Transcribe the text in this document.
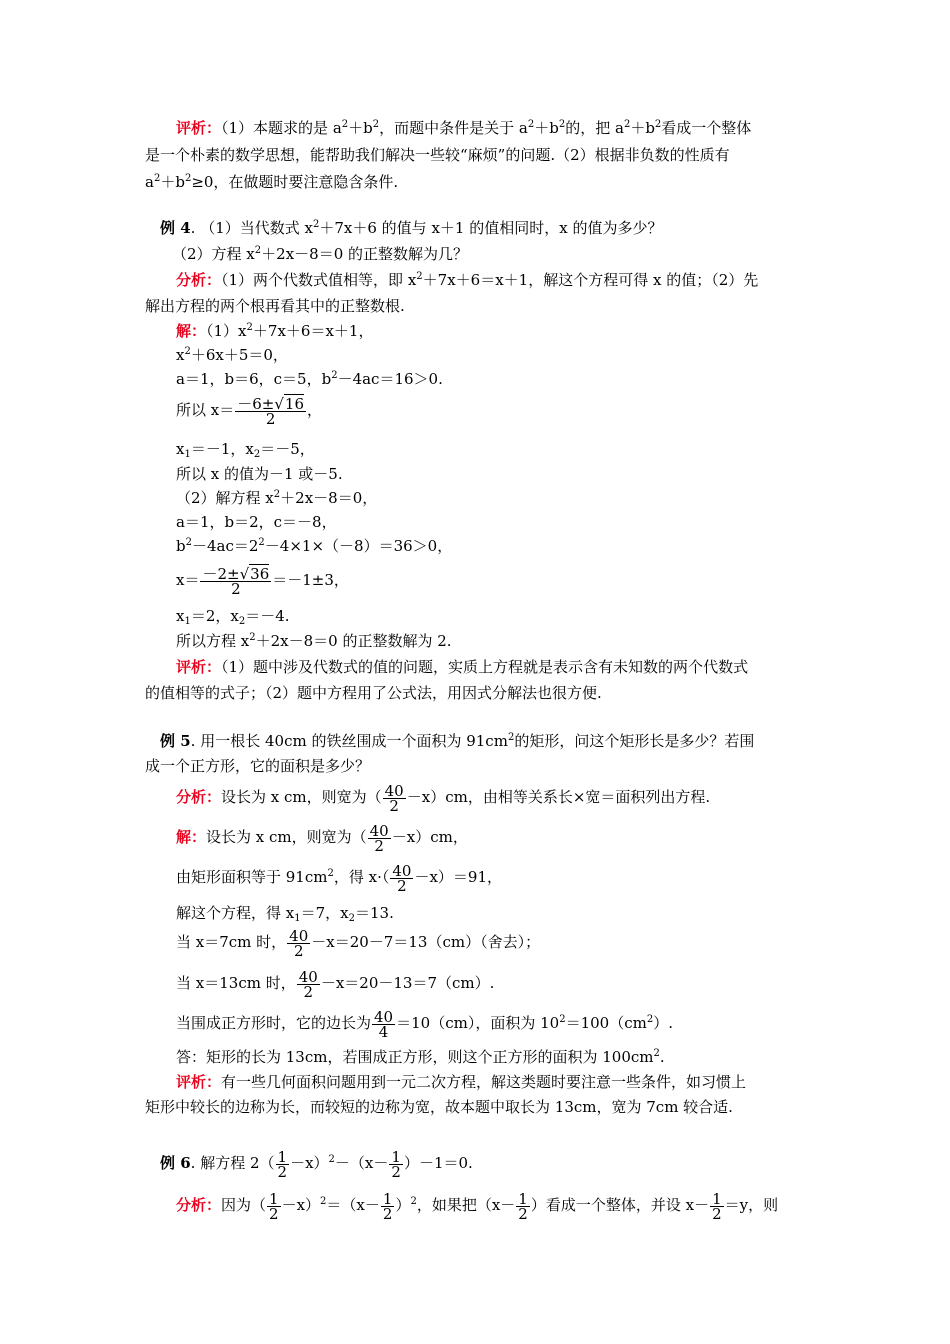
评析：（1）本题求的是 $a^2+b^2$，而题中条件是关于 $a^2+b^2$的，把 $a^2+b^2$看成一个整体
是一个朴素的数学思想，能帮助我们解决一些较“麻烦”的问题.（2）根据非负数的性质有
$a^2+b^2\ge 0$，在做题时要注意隐含条件.
例 4. （1）当代数式 $x^2+7x+6$ 的值与 x＋1 的值相同时，x 的值为多少？
（2）方程 $x^2+2x-8=0$ 的正整数解为几？
分析：（1）两个代数式值相等，即 $x^2+7x+6=x+1$，解这个方程可得 x 的值；（2）先
解出方程的两个根再看其中的正整数根.
解：$(1)x^2+7x+6=x+1$，
$x^2+6x+5=0$，
a＝1，b＝6，c＝5，$b^2-4ac=16>0$.
所以 $x= \frac{-6\pm√16}{2}$ ，
$x_1=-1$，$x_2=-5$，
所以 x 的值为－1 或－5.
（2）解方程 $x^2+2x-8=0$，
a＝1，b＝2，c＝－8，
$b^2-4ac=2^2-4\times 1\times(-8)=36>0$，
$x= \frac{-2\pm√36}{2} =-1\pm 3$，
$x_1=2$，$x_2=-4$.
所以方程 $x^2+2x-8=0$ 的正整数解为 2.
评析：（1）题中涉及代数式的值的问题，实质上方程就是表示含有未知数的两个代数式
的值相等的式子；（2）题中方程用了公式法，用因式分解法也很方便.
例 5. 用一根长 40cm 的铁丝围成一个面积为 $91cm^2$的矩形，问这个矩形长是多少？若围
成一个正方形，它的面积是多少？
分析：设长为 x cm，则宽为（ $\frac{40}{2} -x)cm$，由相等关系长×宽＝面积列出方程.
解：设长为 x cm，则宽为（ $\frac{40}{2} -x)cm$，
由矩形面积等于 $91cm^2$，得 $x\cdot( \frac{40}{2} -x)=91$，
解这个方程，得 $x_1=7$，$x_2=13$.
当 x＝7cm 时， $\frac{40}{2} -x=20-7=13(cm)$（舍去）；
当 x＝13cm 时， $\frac{40}{2} -x=20-13=7(cm)$.
当围成正方形时，它的边长为 $\frac{40}{4} =10(cm)$，面积为 $10^2=100(cm^2)$.
答：矩形的长为 13cm，若围成正方形，则这个正方形的面积为 $100cm^2$.
评析：有一些几何面积问题用到一元二次方程，解这类题时要注意一些条件，如习惯上
矩形中较长的边称为长，而较短的边称为宽，故本题中取长为 13cm，宽为 7cm 较合适.
例 6. 解方程 $2( \frac{1}{2} -x)^2-(x- \frac{1}{2} )-1=0$.
分析：因为（ $\frac{1}{2} -x)^2=(x- \frac{1}{2} )^2$，如果把（$x- \frac{1}{2}$ ）看成一个整体，并设 $x- \frac{1}{2} =y$，则
